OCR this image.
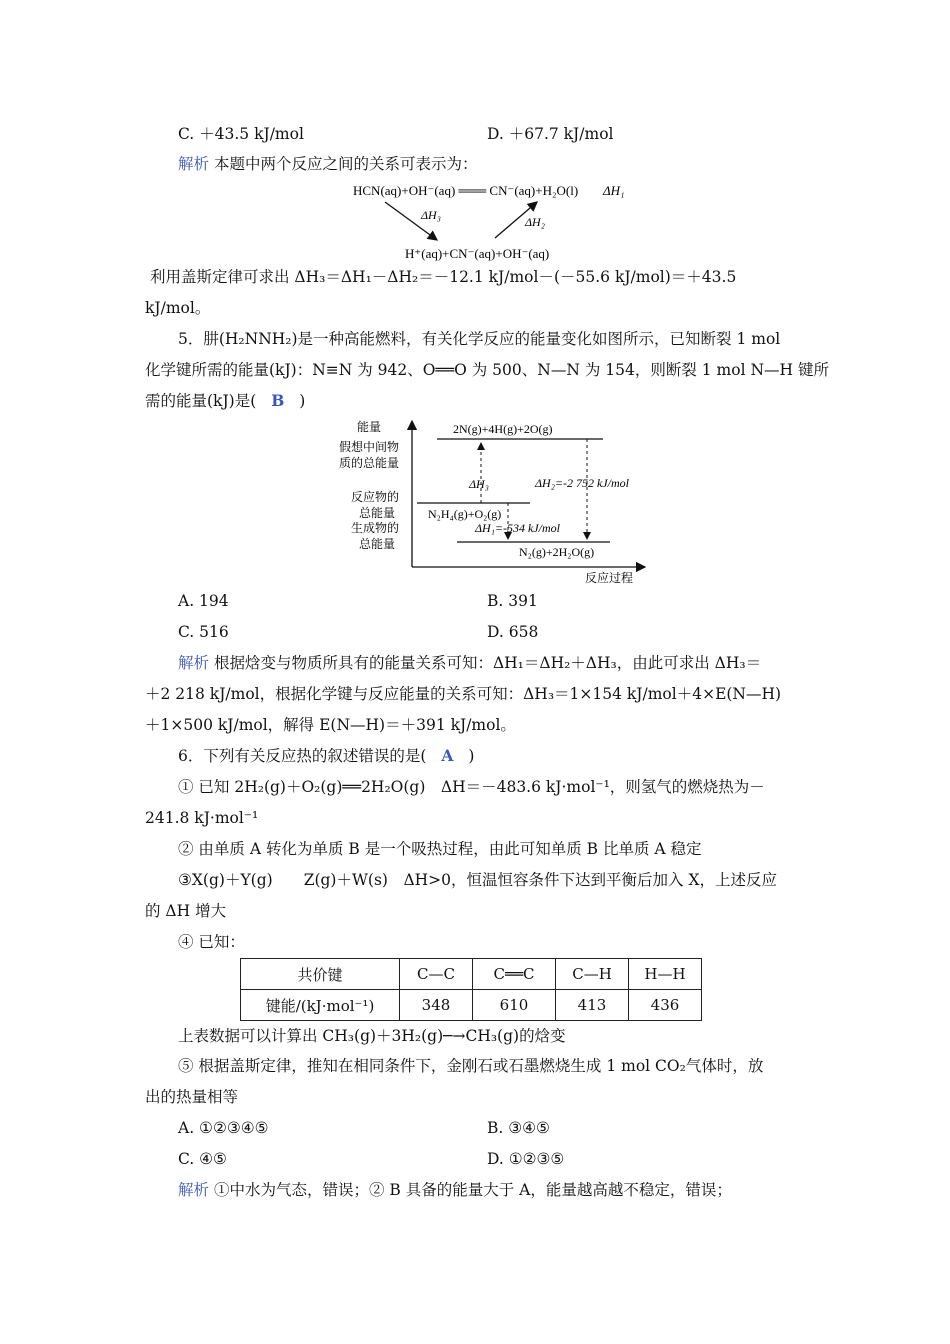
C. ＋43.5 kJ/mol	D. ＋67.7 kJ/mol
解析 本题中两个反应之间的关系可表示为：
HCN(aq)+OH⁻(aq) ═══ CN⁻(aq)+H₂O(l) ΔH₁
ΔH₃	ΔH₂
H⁺(aq)+CN⁻(aq)+OH⁻(aq)
利用盖斯定律可求出 ΔH₃＝ΔH₁－ΔH₂＝－12.1 kJ/mol－(－55.6 kJ/mol)＝＋43.5
kJ/mol。
5．肼(H₂NNH₂)是一种高能燃料，有关化学反应的能量变化如图所示，已知断裂 1 mol
化学键所需的能量(kJ)：N≡N 为 942、O══O 为 500、N—N 为 154，则断裂 1 mol N—H 键所
需的能量(kJ)是( B )
能量
反应过程
假想中间物
质的总能量
反应物的
总能量
生成物的
总能量
2N(g)+4H(g)+2O(g)
N₂H₄(g)+O₂(g)
N₂(g)+2H₂O(g)
ΔH₃	ΔH₂=-2 752 kJ/mol
ΔH₁=-534 kJ/mol
A. 194	B. 391
C. 516	D. 658
解析 根据焓变与物质所具有的能量关系可知：ΔH₁＝ΔH₂＋ΔH₃，由此可求出 ΔH₃＝
＋2 218 kJ/mol，根据化学键与反应能量的关系可知：ΔH₃＝1×154 kJ/mol＋4×E(N—H)
＋1×500 kJ/mol，解得 E(N—H)＝＋391 kJ/mol。
6．下列有关反应热的叙述错误的是( A )
① 已知 2H₂(g)＋O₂(g)══2H₂O(g)　ΔH＝－483.6 kJ·mol⁻¹，则氢气的燃烧热为－
241.8 kJ·mol⁻¹
② 由单质 A 转化为单质 B 是一个吸热过程，由此可知单质 B 比单质 A 稳定
③X(g)＋Y(g)　　Z(g)＋W(s)　ΔH>0，恒温恒容条件下达到平衡后加入 X，上述反应
的 ΔH 增大
④ 已知：
共价键	C—C	C══C	C—H	H—H
键能/(kJ·mol⁻¹)	348	610	413	436
上表数据可以计算出 CH₃(g)＋3H₂(g)─→CH₃(g)的焓变
⑤ 根据盖斯定律，推知在相同条件下，金刚石或石墨燃烧生成 1 mol CO₂气体时，放
出的热量相等
A. ①②③④⑤	B. ③④⑤
C. ④⑤	D. ①②③⑤
解析 ①中水为气态，错误；② B 具备的能量大于 A，能量越高越不稳定，错误；
